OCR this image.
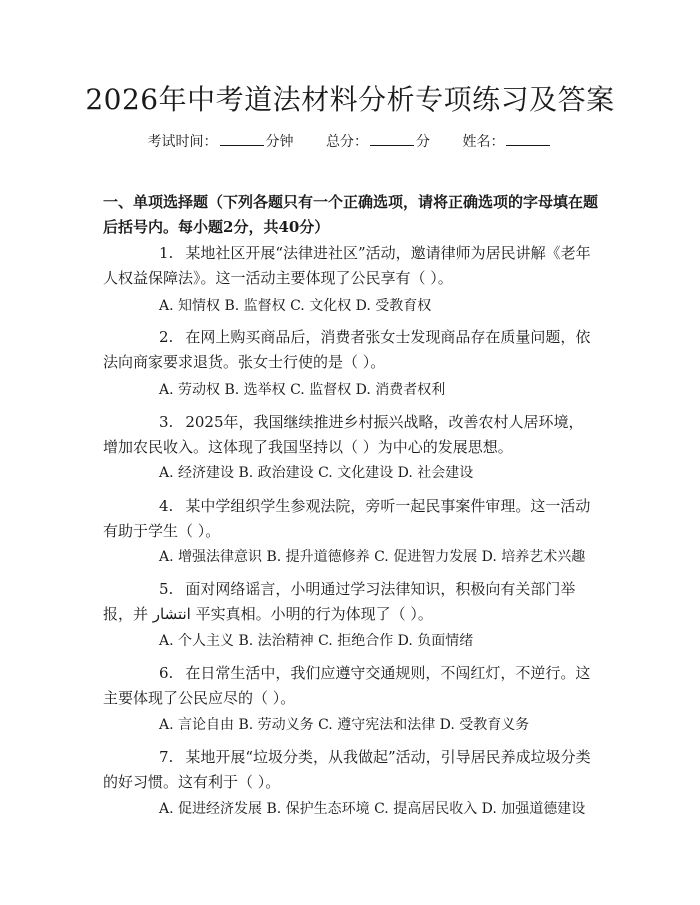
2026年中考道法材料分析专项练习及答案
考试时间：	分钟 总分：	分 姓名：
一、单项选择题（下列各题只有一个正确选项，请将正确选项的字母填在题后括号内。每小题2分，共40分）
1. 某地社区开展“法律进社区”活动，邀请律师为居民讲解《老年人权益保障法》。这一活动主要体现了公民享有（ ）。
A. 知情权 B. 监督权 C. 文化权 D. 受教育权
2. 在网上购买商品后，消费者张女士发现商品存在质量问题，依法向商家要求退货。张女士行使的是（ ）。
A. 劳动权 B. 选举权 C. 监督权 D. 消费者权利
3. 2025年，我国继续推进乡村振兴战略，改善农村人居环境，增加农民收入。这体现了我国坚持以（ ）为中心的发展思想。
A. 经济建设 B. 政治建设 C. 文化建设 D. 社会建设
4. 某中学组织学生参观法院，旁听一起民事案件审理。这一活动有助于学生（ ）。
A. 增强法律意识 B. 提升道德修养 C. 促进智力发展 D. 培养艺术兴趣
5. 面对网络谣言，小明通过学习法律知识，积极向有关部门举报，并 انتشار 平实真相。小明的行为体现了（ ）。
A. 个人主义 B. 法治精神 C. 拒绝合作 D. 负面情绪
6. 在日常生活中，我们应遵守交通规则，不闯红灯，不逆行。这主要体现了公民应尽的（ ）。
A. 言论自由 B. 劳动义务 C. 遵守宪法和法律 D. 受教育义务
7. 某地开展“垃圾分类，从我做起”活动，引导居民养成垃圾分类的好习惯。这有利于（ ）。
A. 促进经济发展 B. 保护生态环境 C. 提高居民收入 D. 加强道德建设
